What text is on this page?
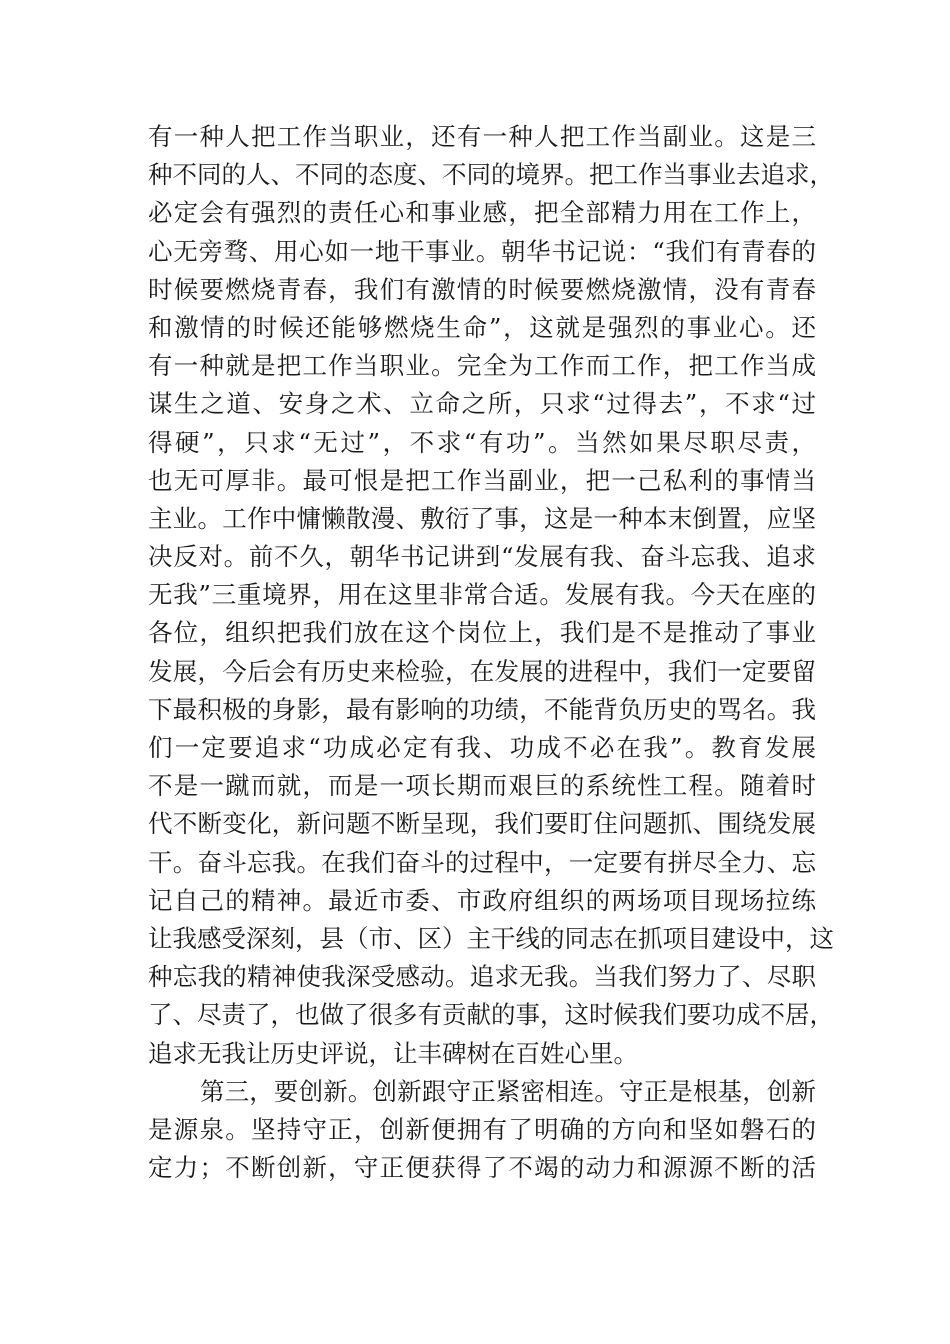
有一种人把工作当职业，还有一种人把工作当副业。这是三
种不同的人、不同的态度、不同的境界。把工作当事业去追求，
必定会有强烈的责任心和事业感，把全部精力用在工作上，
心无旁骛、用心如一地干事业。朝华书记说：“我们有青春的
时候要燃烧青春，我们有激情的时候要燃烧激情，没有青春
和激情的时候还能够燃烧生命”，这就是强烈的事业心。还
有一种就是把工作当职业。完全为工作而工作，把工作当成
谋生之道、安身之术、立命之所，只求“过得去”，不求“过
得硬”，只求“无过”，不求“有功”。当然如果尽职尽责，
也无可厚非。最可恨是把工作当副业，把一己私利的事情当
主业。工作中慵懒散漫、敷衍了事，这是一种本末倒置，应坚
决反对。前不久，朝华书记讲到“发展有我、奋斗忘我、追求
无我”三重境界，用在这里非常合适。发展有我。今天在座的
各位，组织把我们放在这个岗位上，我们是不是推动了事业
发展，今后会有历史来检验，在发展的进程中，我们一定要留
下最积极的身影，最有影响的功绩，不能背负历史的骂名。我
们一定要追求“功成必定有我、功成不必在我”。教育发展
不是一蹴而就，而是一项长期而艰巨的系统性工程。随着时
代不断变化，新问题不断呈现，我们要盯住问题抓、围绕发展
干。奋斗忘我。在我们奋斗的过程中，一定要有拼尽全力、忘
记自己的精神。最近市委、市政府组织的两场项目现场拉练
让我感受深刻，县（市、区）主干线的同志在抓项目建设中，这
种忘我的精神使我深受感动。追求无我。当我们努力了、尽职
了、尽责了，也做了很多有贡献的事，这时候我们要功成不居，
追求无我让历史评说，让丰碑树在百姓心里。
第三，要创新。创新跟守正紧密相连。守正是根基，创新
是源泉。坚持守正，创新便拥有了明确的方向和坚如磐石的
定力；不断创新，守正便获得了不竭的动力和源源不断的活
